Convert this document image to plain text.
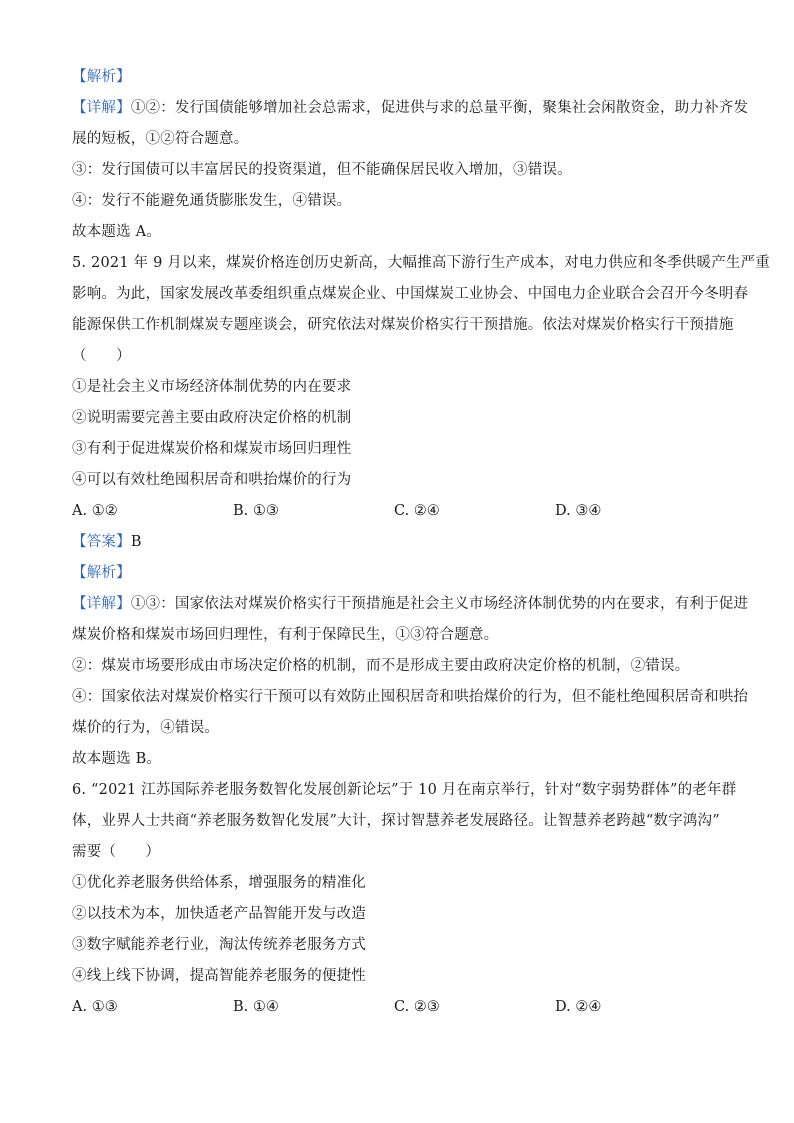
【解析】
【详解】①②：发行国债能够增加社会总需求，促进供与求的总量平衡，聚集社会闲散资金，助力补齐发
展的短板，①②符合题意。
③：发行国债可以丰富居民的投资渠道，但不能确保居民收入增加，③错误。
④：发行不能避免通货膨胀发生，④错误。
故本题选 A。
5. 2021 年 9 月以来，煤炭价格连创历史新高，大幅推高下游行生产成本，对电力供应和冬季供暖产生严重
影响。为此，国家发展改革委组织重点煤炭企业、中国煤炭工业协会、中国电力企业联合会召开今冬明春
能源保供工作机制煤炭专题座谈会，研究依法对煤炭价格实行干预措施。依法对煤炭价格实行干预措施
（　　）
①是社会主义市场经济体制优势的内在要求
②说明需要完善主要由政府决定价格的机制
③有利于促进煤炭价格和煤炭市场回归理性
④可以有效杜绝囤积居奇和哄抬煤价的行为
A. ①②	B. ①③	C. ②④	D. ③④
【答案】B
【解析】
【详解】①③：国家依法对煤炭价格实行干预措施是社会主义市场经济体制优势的内在要求，有利于促进
煤炭价格和煤炭市场回归理性，有利于保障民生，①③符合题意。
②：煤炭市场要形成由市场决定价格的机制，而不是形成主要由政府决定价格的机制，②错误。
④：国家依法对煤炭价格实行干预可以有效防止囤积居奇和哄抬煤价的行为，但不能杜绝囤积居奇和哄抬
煤价的行为，④错误。
故本题选 B。
6. “2021 江苏国际养老服务数智化发展创新论坛”于 10 月在南京举行，针对“数字弱势群体”的老年群
体，业界人士共商“养老服务数智化发展”大计，探讨智慧养老发展路径。让智慧养老跨越“数字鸿沟”
需要（　　）
①优化养老服务供给体系，增强服务的精准化
②以技术为本，加快适老产品智能开发与改造
③数字赋能养老行业，淘汰传统养老服务方式
④线上线下协调，提高智能养老服务的便捷性
A. ①③	B. ①④	C. ②③	D. ②④
